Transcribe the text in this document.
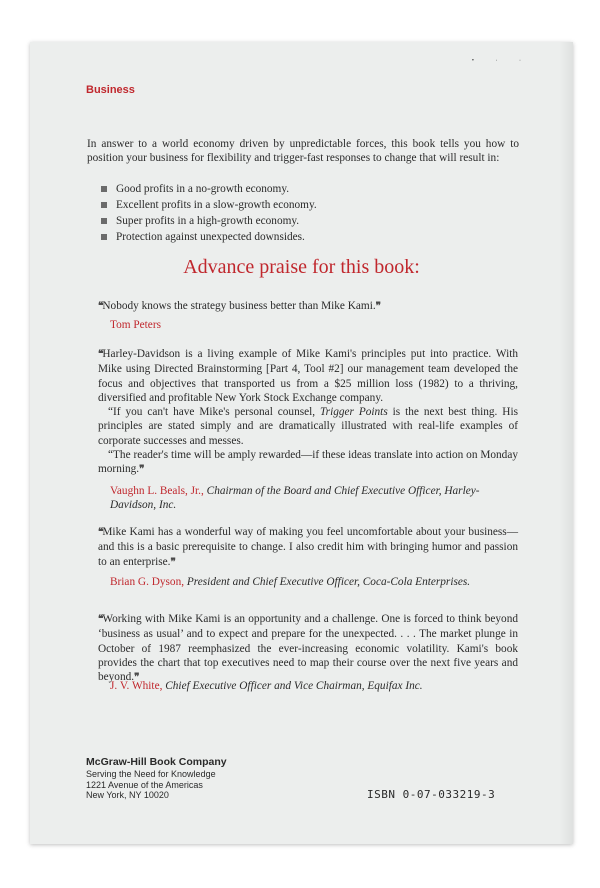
• · ·

Business

In answer to a world economy driven by unpredictable forces, this book tells you how to position your business for flexibility and trigger-fast responses to change that will result in:

Good profits in a no-growth economy.
Excellent profits in a slow-growth economy.
Super profits in a high-growth economy.
Protection against unexpected downsides.
Advance praise for this book:

❝Nobody knows the strategy business better than Mike Kami.❞

Tom Peters

❝Harley-Davidson is a living example of Mike Kami's principles put into practice. With Mike using Directed Brainstorming [Part 4, Tool #2] our management team developed the focus and objectives that transported us from a $25 million loss (1982) to a thriving, diversified and profitable New York Stock Exchange company.

“If you can't have Mike's personal counsel, Trigger Points is the next best thing. His principles are stated simply and are dramatically illustrated with real-life examples of corporate successes and messes.

“The reader's time will be amply rewarded—if these ideas translate into action on Monday morning.❞

Vaughn L. Beals, Jr., Chairman of the Board and Chief Executive Officer, Harley-Davidson, Inc.

❝Mike Kami has a wonderful way of making you feel uncomfortable about your business—and this is a basic prerequisite to change. I also credit him with bringing humor and passion to an enterprise.❞

Brian G. Dyson, President and Chief Executive Officer, Coca-Cola Enterprises.

❝Working with Mike Kami is an opportunity and a challenge. One is forced to think beyond ‘business as usual’ and to expect and prepare for the unexpected. . . . The market plunge in October of 1987 reemphasized the ever-increasing economic volatility. Kami's book provides the chart that top executives need to map their course over the next five years and beyond.❞

J. V. White, Chief Executive Officer and Vice Chairman, Equifax Inc.

McGraw-Hill Book Company
Serving the Need for Knowledge
1221 Avenue of the Americas
New York, NY 10020	ISBN 0-07-033219-3
